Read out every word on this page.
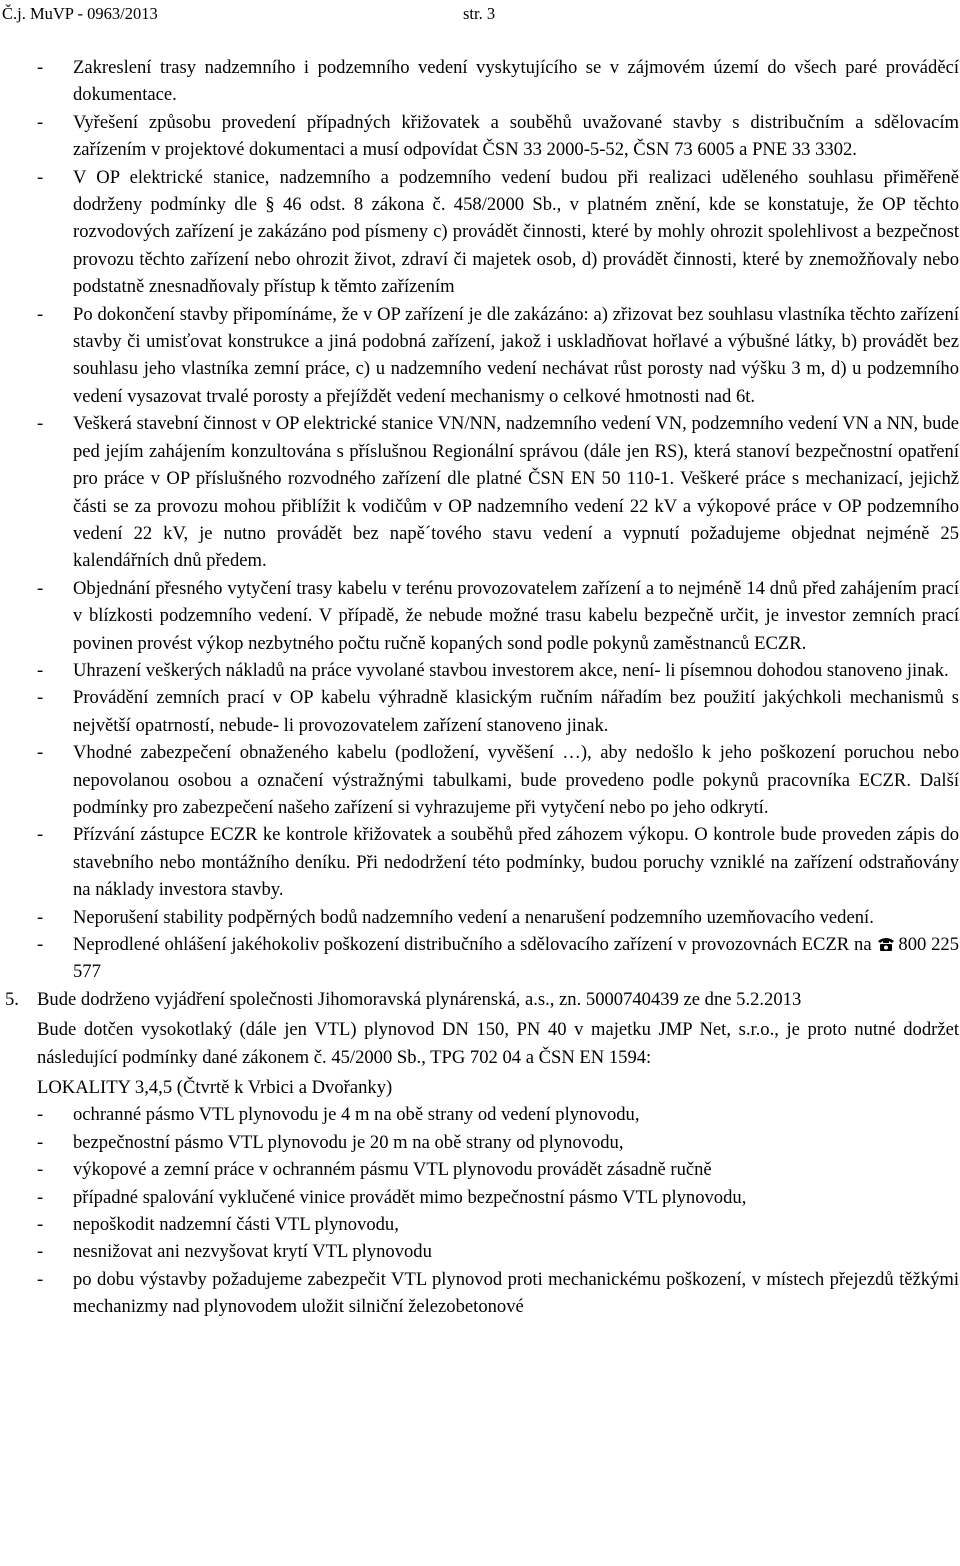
Č.j. MuVP - 0963/2013	str. 3
- Zakreslení trasy nadzemního i podzemního vedení vyskytujícího se v zájmovém území do všech paré prováděcí dokumentace.
- Vyřešení způsobu provedení případných křižovatek a souběhů uvažované stavby s distribučním a sdělovacím zařízením v projektové dokumentaci a musí odpovídat ČSN 33 2000-5-52, ČSN 73 6005 a PNE 33 3302.
- V OP elektrické stanice, nadzemního a podzemního vedení budou při realizaci uděleného souhlasu přiměřeně dodrženy podmínky dle § 46 odst. 8 zákona č. 458/2000 Sb., v platném znění, kde se konstatuje, že OP těchto rozvodových zařízení je zakázáno pod písmeny c) provádět činnosti, které by mohly ohrozit spolehlivost a bezpečnost provozu těchto zařízení nebo ohrozit život, zdraví či majetek osob, d) provádět činnosti, které by znemožňovaly nebo podstatně znesnadňovaly přístup k těmto zařízením
- Po dokončení stavby připomínáme, že v OP zařízení je dle zakázáno: a) zřizovat bez souhlasu vlastníka těchto zařízení stavby či umisťovat konstrukce a jiná podobná zařízení, jakož i uskladňovat hořlavé a výbušné látky, b) provádět bez souhlasu jeho vlastníka zemní práce, c) u nadzemního vedení nechávat růst porosty nad výšku 3 m, d) u podzemního vedení vysazovat trvalé porosty a přejíždět vedení mechanismy o celkové hmotnosti nad 6t.
- Veškerá stavební činnost v OP elektrické stanice VN/NN, nadzemního vedení VN, podzemního vedení VN a NN, bude ped jejím zahájením konzultována s příslušnou Regionální správou (dále jen RS), která stanoví bezpečnostní opatření pro práce v OP příslušného rozvodného zařízení dle platné ČSN EN 50 110-1. Veškeré práce s mechanizací, jejichž části se za provozu mohou přiblížit k vodičům v OP nadzemního vedení 22 kV a výkopové práce v OP podzemního vedení 22 kV, je nutno provádět bez napě´tového stavu vedení a vypnutí požadujeme objednat nejméně 25 kalendářních dnů předem.
- Objednání přesného vytyčení trasy kabelu v terénu provozovatelem zařízení a to nejméně 14 dnů před zahájením prací v blízkosti podzemního vedení. V případě, že nebude možné trasu kabelu bezpečně určit, je investor zemních prací povinen provést výkop nezbytného počtu ručně kopaných sond podle pokynů zaměstnanců ECZR.
- Uhrazení veškerých nákladů na práce vyvolané stavbou investorem akce, není- li písemnou dohodou stanoveno jinak.
- Provádění zemních prací v OP kabelu výhradně klasickým ručním nářadím bez použití jakýchkoli mechanismů s největší opatrností, nebude- li provozovatelem zařízení stanoveno jinak.
- Vhodné zabezpečení obnaženého kabelu (podložení, vyvěšení …), aby nedošlo k jeho poškození poruchou nebo nepovolanou osobou a označení výstražnými tabulkami, bude provedeno podle pokynů pracovníka ECZR. Další podmínky pro zabezpečení našeho zařízení si vyhrazujeme při vytyčení nebo po jeho odkrytí.
- Přízvání zástupce ECZR ke kontrole křižovatek a souběhů před záhozem výkopu. O kontrole bude proveden zápis do stavebního nebo montážního deníku. Při nedodržení této podmínky, budou poruchy vzniklé na zařízení odstraňovány na náklady investora stavby.
- Neporušení stability podpěrných bodů nadzemního vedení a nenarušení podzemního uzemňovacího vedení.
- Neprodlené ohlášení jakéhokoliv poškození distribučního a sdělovacího zařízení v provozovnách ECZR na 800 225 577
5. Bude dodrženo vyjádření společnosti Jihomoravská plynárenská, a.s., zn. 5000740439 ze dne 5.2.2013
Bude dotčen vysokotlaký (dále jen VTL) plynovod DN 150, PN 40 v majetku JMP Net, s.r.o., je proto nutné dodržet následující podmínky dané zákonem č. 45/2000 Sb., TPG 702 04 a ČSN EN 1594:
LOKALITY 3,4,5 (Čtvrtě k Vrbici a Dvořanky)
- ochranné pásmo VTL plynovodu je 4 m na obě strany od vedení plynovodu,
- bezpečnostní pásmo VTL plynovodu je 20 m na obě strany od plynovodu,
- výkopové a zemní práce v ochranném pásmu VTL plynovodu provádět zásadně ručně
- případné spalování vyklučené vinice provádět mimo bezpečnostní pásmo VTL plynovodu,
- nepoškodit nadzemní části VTL plynovodu,
- nesnižovat ani nezvyšovat krytí VTL plynovodu
- po dobu výstavby požadujeme zabezpečit VTL plynovod proti mechanickému poškození, v místech přejezdů těžkými mechanizmy nad plynovodem uložit silniční železobetonové
